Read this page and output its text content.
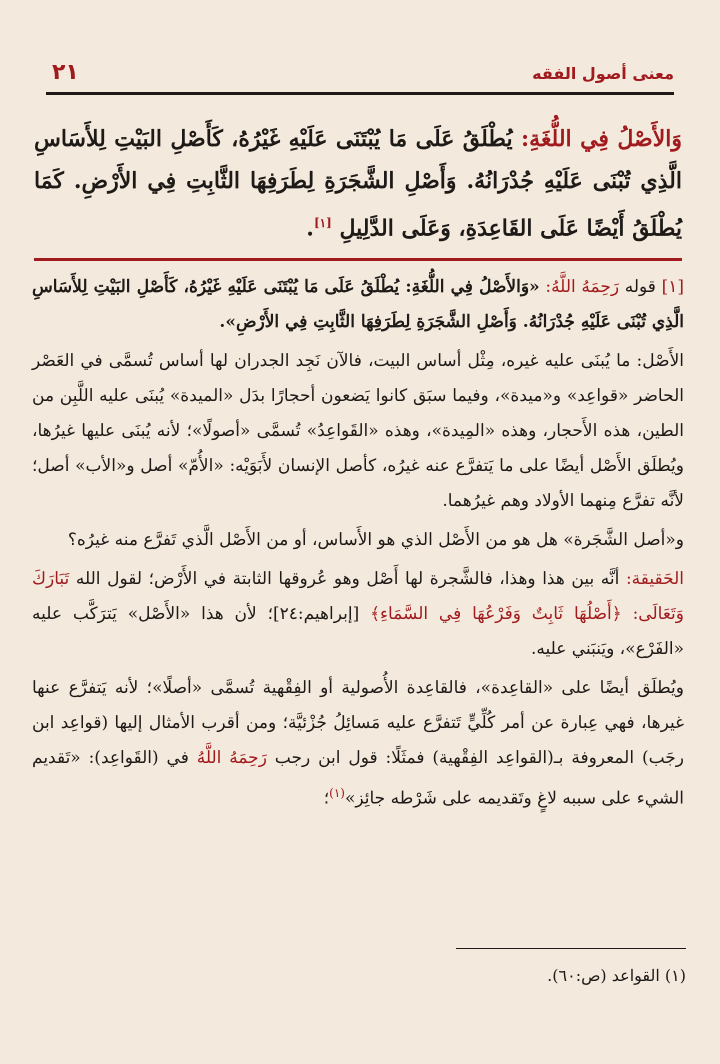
معنى أصول الفقه
٢١
وَالأَصْلُ فِي اللُّغَةِ: يُطْلَقُ عَلَى مَا يُبْتَنَى عَلَيْهِ غَيْرُهُ، كَأَصْلِ البَيْتِ لِلأَسَاسِ الَّذِي تُبْنَى عَلَيْهِ جُدْرَانُهُ. وَأَصْلِ الشَّجَرَةِ لِطَرَفِهَا الثَّابِتِ فِي الأَرْضِ. كَمَا يُطْلَقُ أَيْضًا عَلَى القَاعِدَةِ، وَعَلَى الدَّلِيلِ [١].

[١] قوله رَحِمَهُ اللَّهُ: «وَالأَصْلُ فِي اللُّغَةِ: يُطْلَقُ عَلَى مَا يُبْتَنَى عَلَيْهِ غَيْرُهُ، كَأَصْلِ البَيْتِ لِلأَسَاسِ الَّذِي تُبْنَى عَلَيْهِ جُدْرَانُهُ. وَأَصْلِ الشَّجَرَةِ لِطَرَفِهَا الثَّابِتِ فِي الأَرْضِ».

الأَصْل: ما يُبنَى عليه غيره، مِثْل أساس البيت، فالآن نَجِد الجدران لها أساس تُسمَّى في العَصْر الحاضر «قواعِد» و«ميدة»، وفيما سبَق كانوا يَضعون أحجارًا بدَل «الميدة» يُبنَى عليه اللَّبِن من الطين، هذه الأَحجار، وهذه «المِيدة»، وهذه «القَواعِدُ» تُسمَّى «أصولًا»؛ لأنه يُبنَى عليها غيرُها، ويُطلَق الأَصْل أيضًا على ما يَتفرَّع عنه غيرُه، كأصل الإنسان لأَبَوَيْه: «الأُمّ» أصل و«الأب» أصل؛ لأنَّه تفرَّع مِنهما الأولاد وهم غيرُهما.

و«أصل الشَّجَرة» هل هو من الأَصْل الذي هو الأَساس، أو من الأَصْل الَّذي تَفرَّع منه غيرُه؟

الحَقيقة: أنَّه بين هذا وهذا، فالشَّجرة لها أَصْل وهو عُروقها الثابتة في الأَرْض؛ لقول الله تَبَارَكَ وَتَعَالَى: ﴿أَصْلُهَا ثَابِتٌ وَفَرْعُهَا فِي السَّمَاءِ﴾ [إبراهيم:٢٤]؛ لأن هذا «الأَصْل» يَترَكَّب عليه «الفَرْع»، ويَنبَني عليه.

ويُطلَق أيضًا على «القاعِدة»، فالقاعِدة الأُصولية أو الفِقْهية تُسمَّى «أصلًا»؛ لأنه يَتفرَّع عنها غيرها، فهي عِبارة عن أمر كُلِّيٍّ تَتفرَّع عليه مَسائِلُ جُزْئيَّة؛ ومن أقرب الأمثال إليها (قواعِد ابن رجَب) المعروفة بـ(القواعِد الفِقْهية) فمثَلًا: قول ابن رجب رَحِمَهُ اللَّهُ في (القَواعِد): «تَقديم الشيء على سببه لاغٍ وتَقديمه على شَرْطه جائِز»$^{(١)}$؛

(١) القواعد (ص:٦٠).
